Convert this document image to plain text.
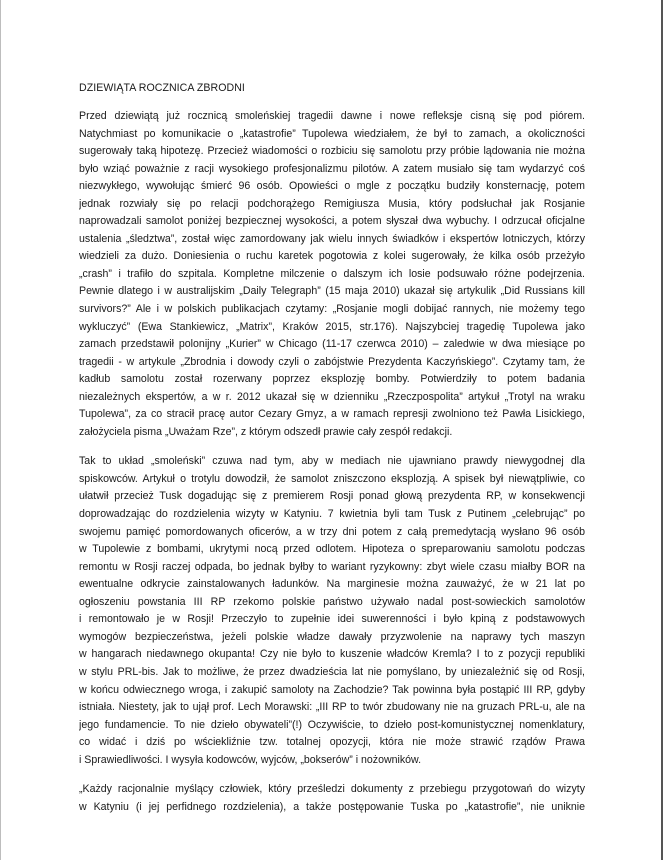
DZIEWIĄTA ROCZNICA ZBRODNI
Przed dziewiątą już rocznicą smoleńskiej tragedii dawne i nowe refleksje cisną się pod piórem.
Natychmiast po komunikacie o „katastrofie” Tupolewa wiedziałem, że był to zamach, a okoliczności
sugerowały taką hipotezę. Przecież wiadomości o rozbiciu się samolotu przy próbie lądowania nie można
było wziąć poważnie z racji wysokiego profesjonalizmu pilotów. A zatem musiało się tam wydarzyć coś
niezwykłego, wywołując śmierć 96 osób. Opowieści o mgle z początku budziły konsternację, potem
jednak rozwiały się po relacji podchorążego Remigiusza Musia, który podsłuchał jak Rosjanie
naprowadzali samolot poniżej bezpiecznej wysokości, a potem słyszał dwa wybuchy. I odrzucał oficjalne
ustalenia „śledztwa”, został więc zamordowany jak wielu innych świadków i ekspertów lotniczych, którzy
wiedzieli za dużo. Doniesienia o ruchu karetek pogotowia z kolei sugerowały, że kilka osób przeżyło
„crash” i trafiło do szpitala. Kompletne milczenie o dalszym ich losie podsuwało różne podejrzenia.
Pewnie dlatego i w australijskim „Daily Telegraph” (15 maja 2010) ukazał się artykulik „Did Russians kill
survivors?” Ale i w polskich publikacjach czytamy: „Rosjanie mogli dobijać rannych, nie możemy tego
wykluczyć” (Ewa Stankiewicz, „Matrix”, Kraków 2015, str.176). Najszybciej tragedię Tupolewa jako
zamach przedstawił polonijny „Kurier” w Chicago (11-17 czerwca 2010) – zaledwie w dwa miesiące po
tragedii - w artykule „Zbrodnia i dowody czyli o zabójstwie Prezydenta Kaczyńskiego”. Czytamy tam, że
kadłub samolotu został rozerwany poprzez eksplozję bomby. Potwierdziły to potem badania
niezależnych ekspertów, a w r. 2012 ukazał się w dzienniku „Rzeczpospolita” artykuł „Trotyl na wraku
Tupolewa”, za co stracił pracę autor Cezary Gmyz, a w ramach represji zwolniono też Pawła Lisickiego,
założyciela pisma „Uważam Rze”, z którym odszedł prawie cały zespół redakcji.
Tak to układ „smoleński” czuwa nad tym, aby w mediach nie ujawniano prawdy niewygodnej dla
spiskowców. Artykuł o trotylu dowodził, że samolot zniszczono eksplozją. A spisek był niewątpliwie, co
ułatwił przecież Tusk dogadując się z premierem Rosji ponad głową prezydenta RP, w konsekwencji
doprowadzając do rozdzielenia wizyty w Katyniu. 7 kwietnia byli tam Tusk z Putinem „celebrując” po
swojemu pamięć pomordowanych oficerów, a w trzy dni potem z całą premedytacją wysłano 96 osób
w Tupolewie z bombami, ukrytymi nocą przed odlotem. Hipoteza o spreparowaniu samolotu podczas
remontu w Rosji raczej odpada, bo jednak byłby to wariant ryzykowny: zbyt wiele czasu miałby BOR na
ewentualne odkrycie zainstalowanych ładunków. Na marginesie można zauważyć, że w 21 lat po
ogłoszeniu powstania III RP rzekomo polskie państwo używało nadal post-sowieckich samolotów
i remontowało je w Rosji! Przeczyło to zupełnie idei suwerenności i było kpiną z podstawowych
wymogów bezpieczeństwa, jeżeli polskie władze dawały przyzwolenie na naprawy tych maszyn
w hangarach niedawnego okupanta! Czy nie było to kuszenie władców Kremla? I to z pozycji republiki
w stylu PRL-bis. Jak to możliwe, że przez dwadzieścia lat nie pomyślano, by uniezależnić się od Rosji,
w końcu odwiecznego wroga, i zakupić samoloty na Zachodzie? Tak powinna była postąpić III RP, gdyby
istniała. Niestety, jak to ujął prof. Lech Morawski: „III RP to twór zbudowany nie na gruzach PRL-u, ale na
jego fundamencie. To nie dzieło obywateli”(!) Oczywiście, to dzieło post-komunistycznej nomenklatury,
co widać i dziś po wściekliźnie tzw. totalnej opozycji, która nie może strawić rządów Prawa
i Sprawiedliwości. I wysyła kodowców, wyjców, „bokserów” i nożowników.
„Każdy racjonalnie myślący człowiek, który prześledzi dokumenty z przebiegu przygotowań do wizyty
w Katyniu (i jej perfidnego rozdzielenia), a także postępowanie Tuska po „katastrofie”, nie uniknie
